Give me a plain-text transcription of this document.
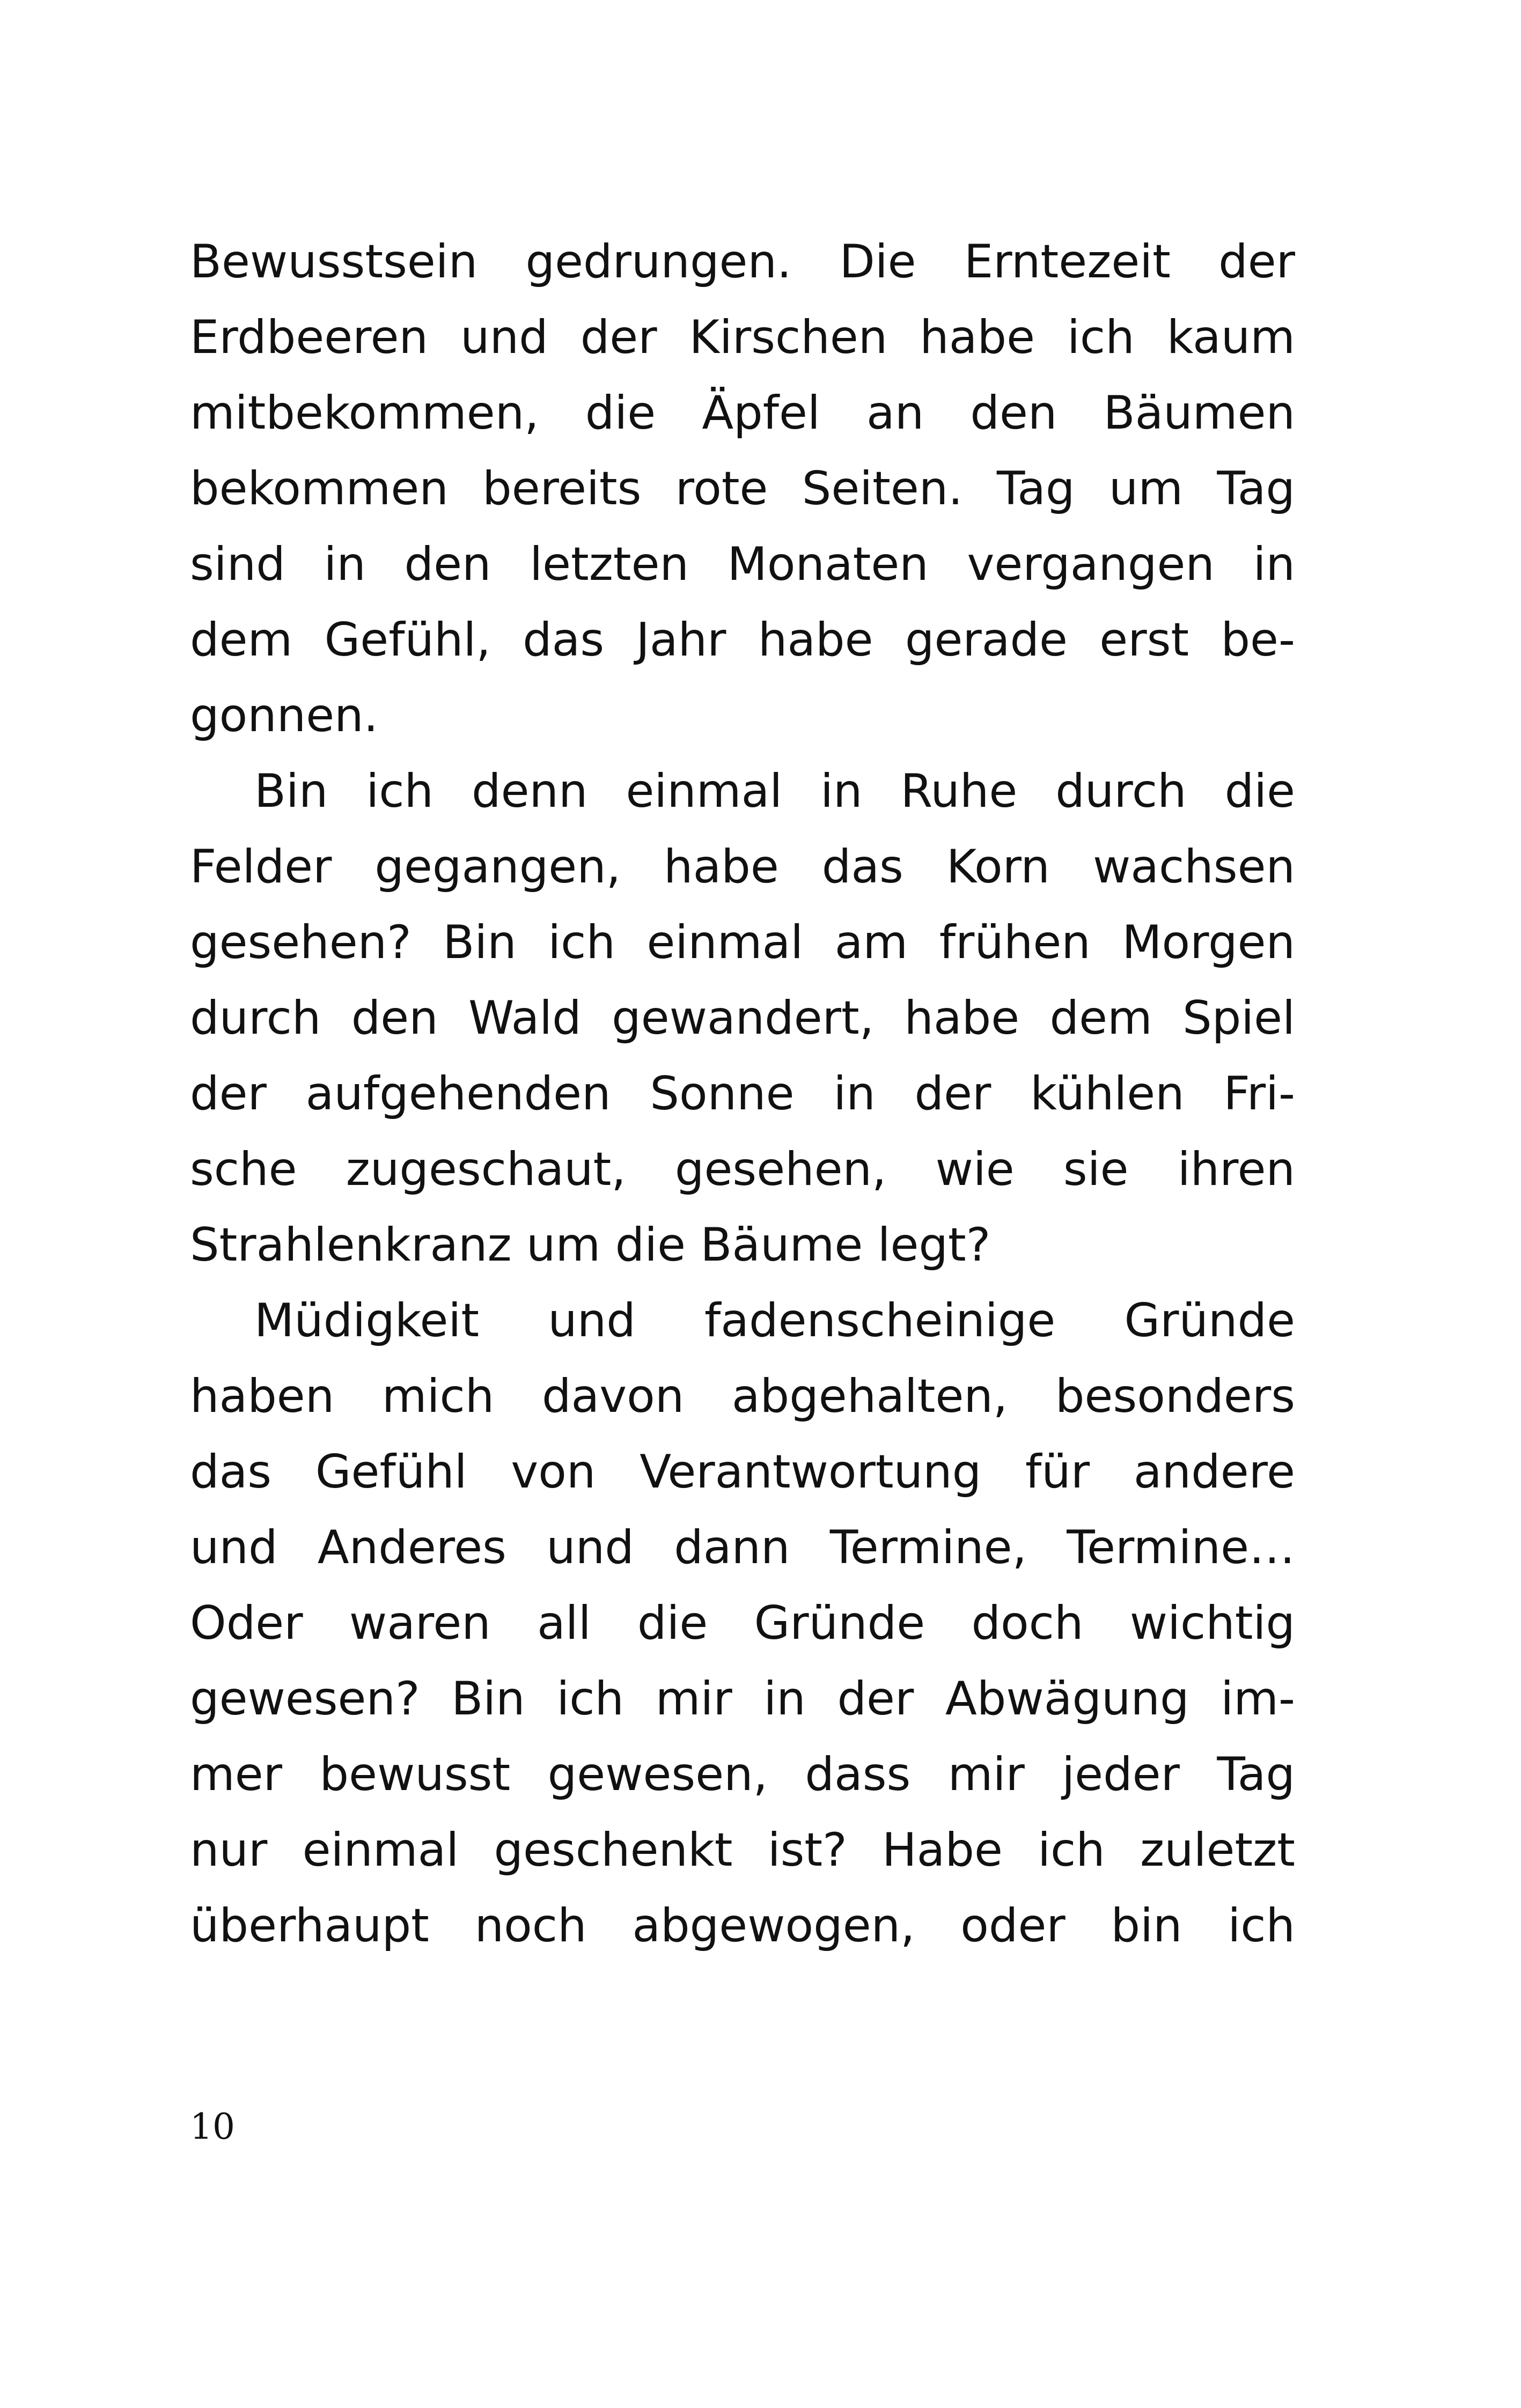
Bewusstsein gedrungen. Die Erntezeit der
Erdbeeren und der Kirschen habe ich kaum
mitbekommen, die Äpfel an den Bäumen
bekommen bereits rote Seiten. Tag um Tag
sind in den letzten Monaten vergangen in
dem Gefühl, das Jahr habe gerade erst be-
gonnen.
Bin ich denn einmal in Ruhe durch die
Felder gegangen, habe das Korn wachsen
gesehen? Bin ich einmal am frühen Morgen
durch den Wald gewandert, habe dem Spiel
der aufgehenden Sonne in der kühlen Fri-
sche zugeschaut, gesehen, wie sie ihren
Strahlenkranz um die Bäume legt?
Müdigkeit und fadenscheinige Gründe
haben mich davon abgehalten, besonders
das Gefühl von Verantwortung für andere
und Anderes und dann Termine, Termine…
Oder waren all die Gründe doch wichtig
gewesen? Bin ich mir in der Abwägung im-
mer bewusst gewesen, dass mir jeder Tag
nur einmal geschenkt ist? Habe ich zuletzt
überhaupt noch abgewogen, oder bin ich
10
